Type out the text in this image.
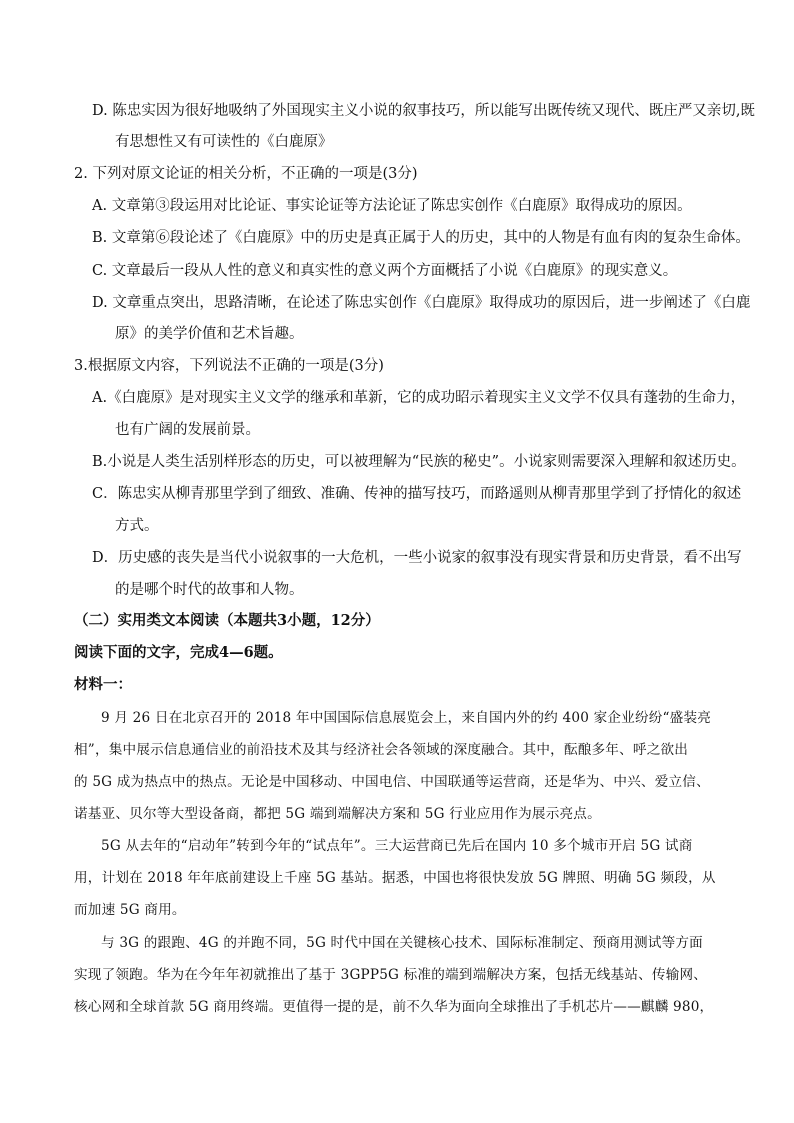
D. 陈忠实因为很好地吸纳了外国现实主义小说的叙事技巧，所以能写出既传统又现代、既庄严又亲切,既
有思想性又有可读性的《白鹿原》
2. 下列对原文论证的相关分析，不正确的一项是(3分)
A. 文章第③段运用对比论证、事实论证等方法论证了陈忠实创作《白鹿原》取得成功的原因。
B. 文章第⑥段论述了《白鹿原》中的历史是真正属于人的历史，其中的人物是有血有肉的复杂生命体。
C. 文章最后一段从人性的意义和真实性的意义两个方面概括了小说《白鹿原》的现实意义。
D. 文章重点突出，思路清晰，在论述了陈忠实创作《白鹿原》取得成功的原因后，进一步阐述了《白鹿
原》的美学价值和艺术旨趣。
3.根据原文内容，下列说法不正确的一项是(3分)
A.《白鹿原》是对现实主义文学的继承和革新，它的成功昭示着现实主义文学不仅具有蓬勃的生命力，
也有广阔的发展前景。
B.小说是人类生活别样形态的历史，可以被理解为“民族的秘史”。小说家则需要深入理解和叙述历史。
C．陈忠实从柳青那里学到了细致、准确、传神的描写技巧，而路遥则从柳青那里学到了抒情化的叙述
方式。
D．历史感的丧失是当代小说叙事的一大危机，一些小说家的叙事没有现实背景和历史背景，看不出写
的是哪个时代的故事和人物。
（二）实用类文本阅读（本题共3小题，12分）
阅读下面的文字，完成4—6题。
材料一：
9 月 26 日在北京召开的 2018 年中国国际信息展览会上，来自国内外的约 400 家企业纷纷“盛装亮
相”，集中展示信息通信业的前沿技术及其与经济社会各领域的深度融合。其中，酝酿多年、呼之欲出
的 5G 成为热点中的热点。无论是中国移动、中国电信、中国联通等运营商，还是华为、中兴、爱立信、
诺基亚、贝尔等大型设备商，都把 5G 端到端解决方案和 5G 行业应用作为展示亮点。
5G 从去年的“启动年”转到今年的“试点年”。三大运营商已先后在国内 10 多个城市开启 5G 试商
用，计划在 2018 年年底前建设上千座 5G 基站。据悉，中国也将很快发放 5G 牌照、明确 5G 频段，从
而加速 5G 商用。
与 3G 的跟跑、4G 的并跑不同，5G 时代中国在关键核心技术、国际标准制定、预商用测试等方面
实现了领跑。华为在今年年初就推出了基于 3GPP5G 标准的端到端解决方案，包括无线基站、传输网、
核心网和全球首款 5G 商用终端。更值得一提的是，前不久华为面向全球推出了手机芯片——麒麟 980，
